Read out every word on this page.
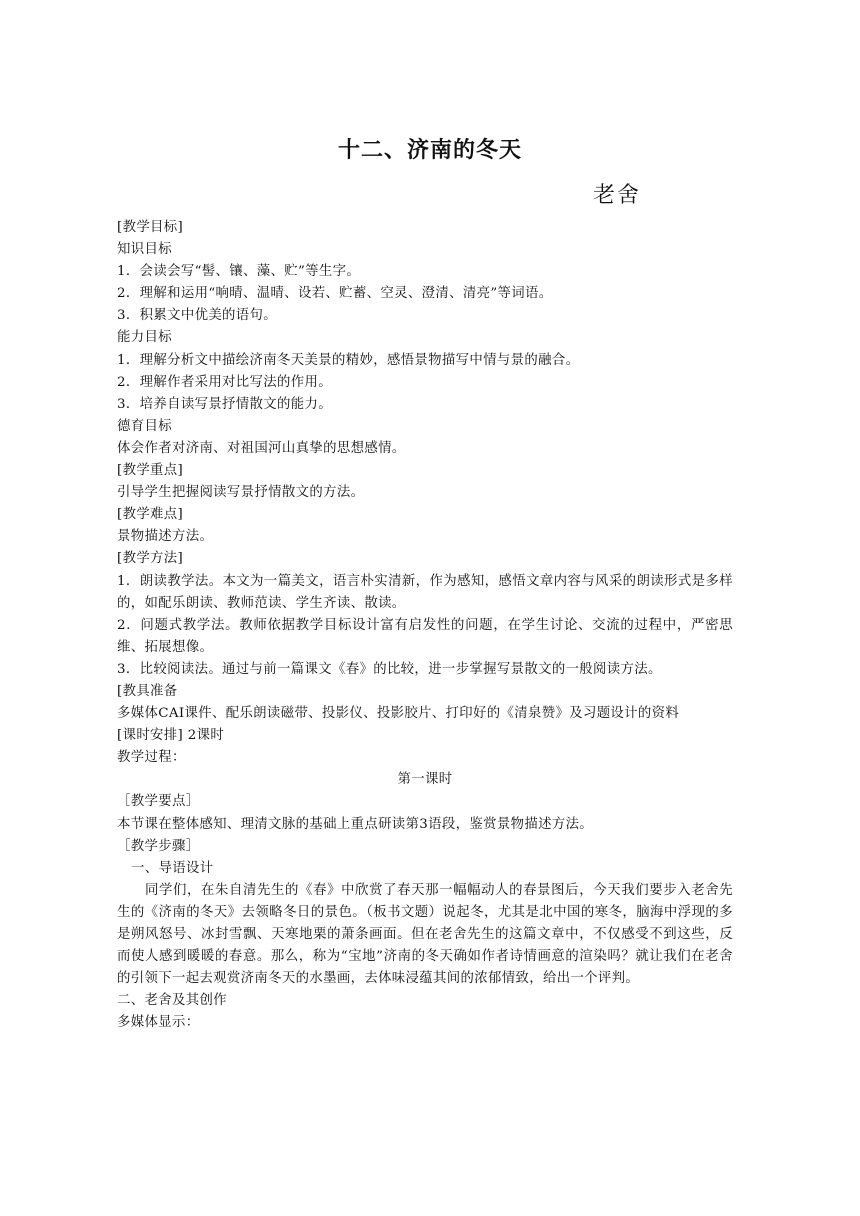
十二、济南的冬天
老舍
[教学目标]
知识目标
1．会读会写“髻、镶、藻、贮”等生字。
2．理解和运用“响晴、温晴、设若、贮蓄、空灵、澄清、清亮”等词语。
3．积累文中优美的语句。
能力目标
1．理解分析文中描绘济南冬天美景的精妙，感悟景物描写中情与景的融合。
2．理解作者采用对比写法的作用。
3．培养自读写景抒情散文的能力。
德育目标
体会作者对济南、对祖国河山真挚的思想感情。
[教学重点]
引导学生把握阅读写景抒情散文的方法。
[教学难点]
景物描述方法。
[教学方法]
1．朗读教学法。本文为一篇美文，语言朴实清新，作为感知，感悟文章内容与风采的朗读形式是多样的，如配乐朗读、教师范读、学生齐读、散读。
2．问题式教学法。教师依据教学目标设计富有启发性的问题，在学生讨论、交流的过程中，严密思维、拓展想像。
3．比较阅读法。通过与前一篇课文《春》的比较，进一步掌握写景散文的一般阅读方法。
[教具准备
多媒体CAI课件、配乐朗读磁带、投影仪、投影胶片、打印好的《清泉赞》及习题设计的资料
[课时安排] 2课时
教学过程：
第一课时
［教学要点］
本节课在整体感知、理清文脉的基础上重点研读第3语段，鉴赏景物描述方法。
［教学步骤］
一、导语设计
同学们，在朱自清先生的《春》中欣赏了春天那一幅幅动人的春景图后，今天我们要步入老舍先生的《济南的冬天》去领略冬日的景色。（板书文题）说起冬，尤其是北中国的寒冬，脑海中浮现的多是朔风怒号、冰封雪飘、天寒地栗的萧条画面。但在老舍先生的这篇文章中，不仅感受不到这些，反而使人感到暖暖的春意。那么，称为“宝地”济南的冬天确如作者诗情画意的渲染吗？就让我们在老舍的引领下一起去观赏济南冬天的水墨画，去体味浸蕴其间的浓郁情致，给出一个评判。
二、老舍及其创作
多媒体显示：
